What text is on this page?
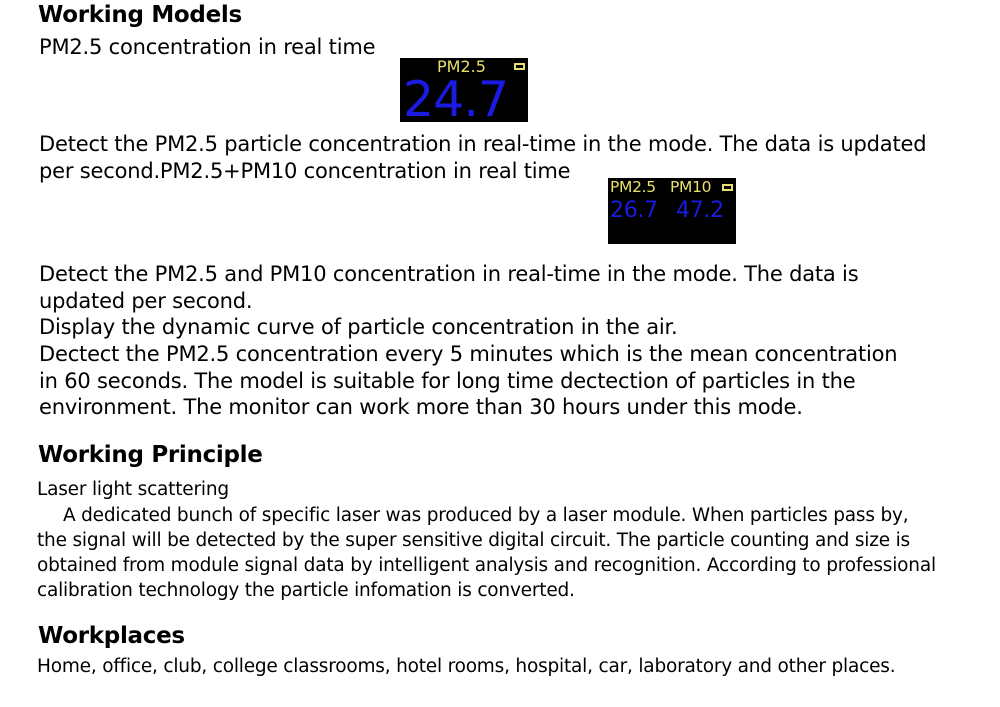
Working Models
PM2.5 concentration in real time
PM2.5
24.7
Detect the PM2.5 particle concentration in real-time in the mode. The data is updated
per second.PM2.5+PM10 concentration in real time
PM2.5 PM10
26.7 47.2
Detect the PM2.5 and PM10 concentration in real-time in the mode. The data is
updated per second.
Display the dynamic curve of particle concentration in the air.
Dectect the PM2.5 concentration every 5 minutes which is the mean concentration
in 60 seconds. The model is suitable for long time dectection of particles in the
environment. The monitor can work more than 30 hours under this mode.
Working Principle
Laser light scattering
A dedicated bunch of specific laser was produced by a laser module. When particles pass by,
the signal will be detected by the super sensitive digital circuit. The particle counting and size is
obtained from module signal data by intelligent analysis and recognition. According to professional
calibration technology the particle infomation is converted.
Workplaces
Home, office, club, college classrooms, hotel rooms, hospital, car, laboratory and other places.
